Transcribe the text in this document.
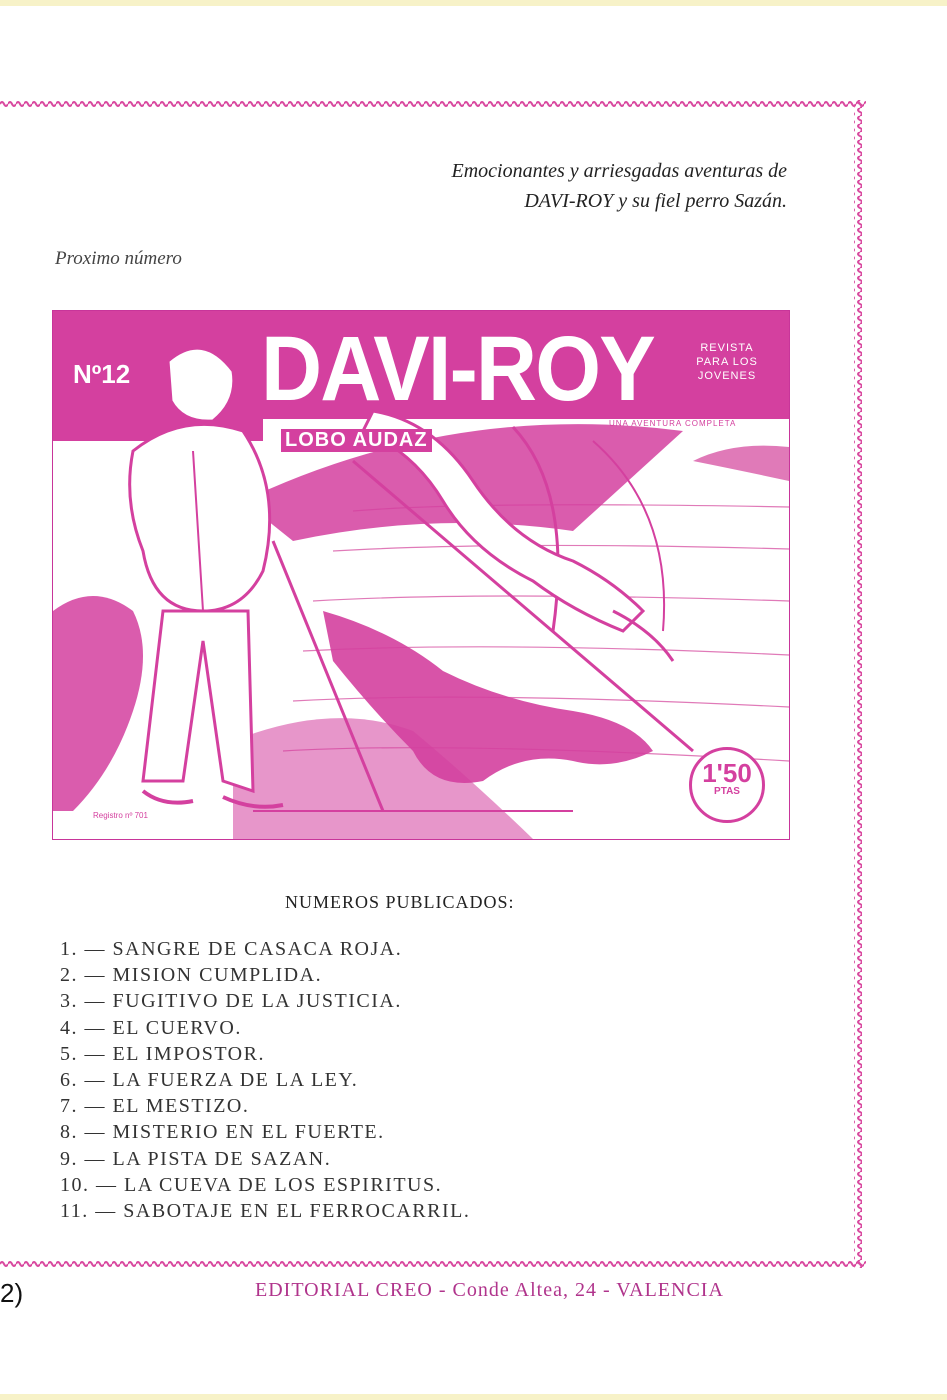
Emocionantes y arriesgadas aventuras de
DAVI-ROY y su fiel perro Sazán.
Proximo número
Nº12 DAVI-ROY	REVISTA
PARA LOS
JOVENES
LOBO AUDAZ
UNA AVENTURA COMPLETA
1'50
PTAS
Registro nº 701
NUMEROS PUBLICADOS:
1. — SANGRE DE CASACA ROJA.
2. — MISION CUMPLIDA.
3. — FUGITIVO DE LA JUSTICIA.
4. — EL CUERVO.
5. — EL IMPOSTOR.
6. — LA FUERZA DE LA LEY.
7. — EL MESTIZO.
8. — MISTERIO EN EL FUERTE.
9. — LA PISTA DE SAZAN.
10. — LA CUEVA DE LOS ESPIRITUS.
11. — SABOTAJE EN EL FERROCARRIL.
2)	EDITORIAL CREO - Conde Altea, 24 - VALENCIA
